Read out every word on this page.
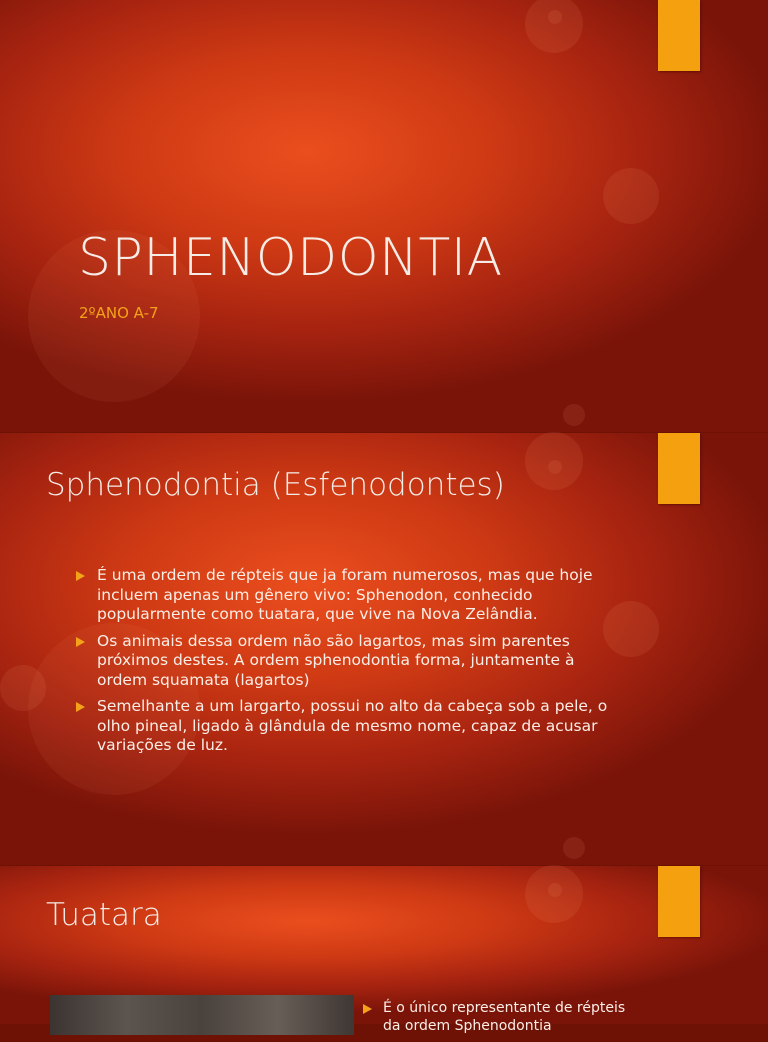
SPHENODONTIA
2ºANO A-7
Sphenodontia (Esfenodontes)
É uma ordem de répteis que ja foram numerosos, mas que hoje incluem apenas um gênero vivo: Sphenodon, conhecido popularmente como tuatara, que vive na Nova Zelândia.
Os animais dessa ordem não são lagartos, mas sim parentes próximos destes. A ordem sphenodontia forma, juntamente à ordem squamata (lagartos)
Semelhante a um largarto, possui no alto da cabeça sob a pele, o olho pineal, ligado à glândula de mesmo nome, capaz de acusar variações de luz.
Tuatara
É o único representante de répteis da ordem Sphenodontia
